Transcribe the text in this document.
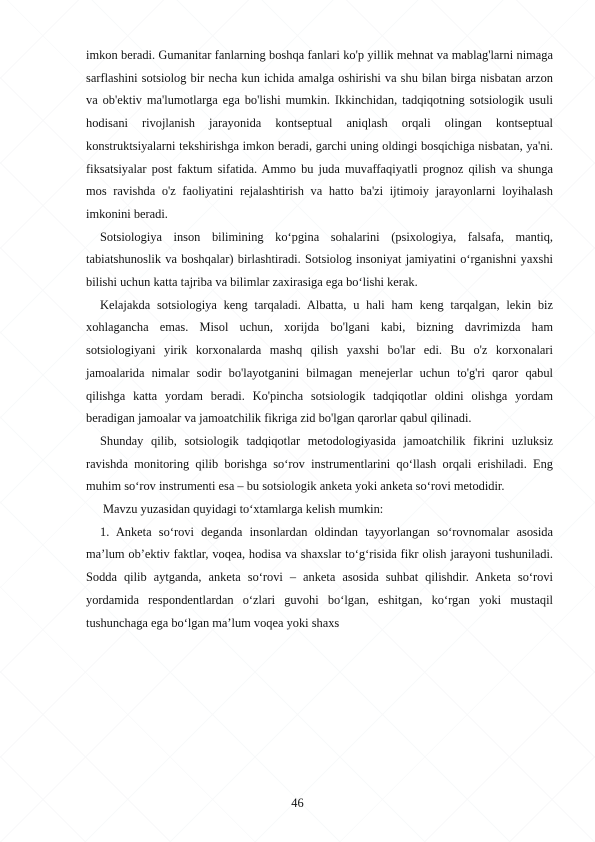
imkon beradi. Gumanitar fanlarning boshqa fanlari ko'p yillik mehnat va mablag'larni nimaga sarflashini sotsiolog bir necha kun ichida amalga oshirishi va shu bilan birga nisbatan arzon va ob'ektiv ma'lumotlarga ega bo'lishi mumkin. Ikkinchidan, tadqiqotning sotsiologik usuli hodisani rivojlanish jarayonida kontseptual aniqlash orqali olingan kontseptual konstruktsiyalarni tekshirishga imkon beradi, garchi uning oldingi bosqichiga nisbatan, ya'ni. fiksatsiyalar post faktum sifatida. Ammo bu juda muvaffaqiyatli prognoz qilish va shunga mos ravishda o'z faoliyatini rejalashtirish va hatto ba'zi ijtimoiy jarayonlarni loyihalash imkonini beradi.

Sotsiologiya inson bilimining ko‘pgina sohalarini (psixologiya, falsafa, mantiq, tabiatshunoslik va boshqalar) birlashtiradi. Sotsiolog insoniyat jamiyatini o‘rganishni yaxshi bilishi uchun katta tajriba va bilimlar zaxirasiga ega bo‘lishi kerak.

Kelajakda sotsiologiya keng tarqaladi. Albatta, u hali ham keng tarqalgan, lekin biz xohlagancha emas. Misol uchun, xorijda bo'lgani kabi, bizning davrimizda ham sotsiologiyani yirik korxonalarda mashq qilish yaxshi bo'lar edi. Bu o'z korxonalari jamoalarida nimalar sodir bo'layotganini bilmagan menejerlar uchun to'g'ri qaror qabul qilishga katta yordam beradi. Ko'pincha sotsiologik tadqiqotlar oldini olishga yordam beradigan jamoalar va jamoatchilik fikriga zid bo'lgan qarorlar qabul qilinadi.

Shunday qilib, sotsiologik tadqiqotlar metodologiyasida jamoatchilik fikrini uzluksiz ravishda monitoring qilib borishga so‘rov instrumentlarini qo‘llash orqali erishiladi. Eng muhim so‘rov instrumenti esa – bu sotsiologik anketa yoki anketa so‘rovi metodidir.

Mavzu yuzasidan quyidagi to‘xtamlarga kelish mumkin:

1. Anketa so‘rovi deganda insonlardan oldindan tayyorlangan so‘rovnomalar asosida ma’lum ob’ektiv faktlar, voqea, hodisa va shaxslar to‘g‘risida fikr olish jarayoni tushuniladi. Sodda qilib aytganda, anketa so‘rovi – anketa asosida suhbat qilishdir. Anketa so‘rovi yordamida respondentlardan o‘zlari guvohi bo‘lgan, eshitgan, ko‘rgan yoki mustaqil tushunchaga ega bo‘lgan ma’lum voqea yoki shaxs

46
